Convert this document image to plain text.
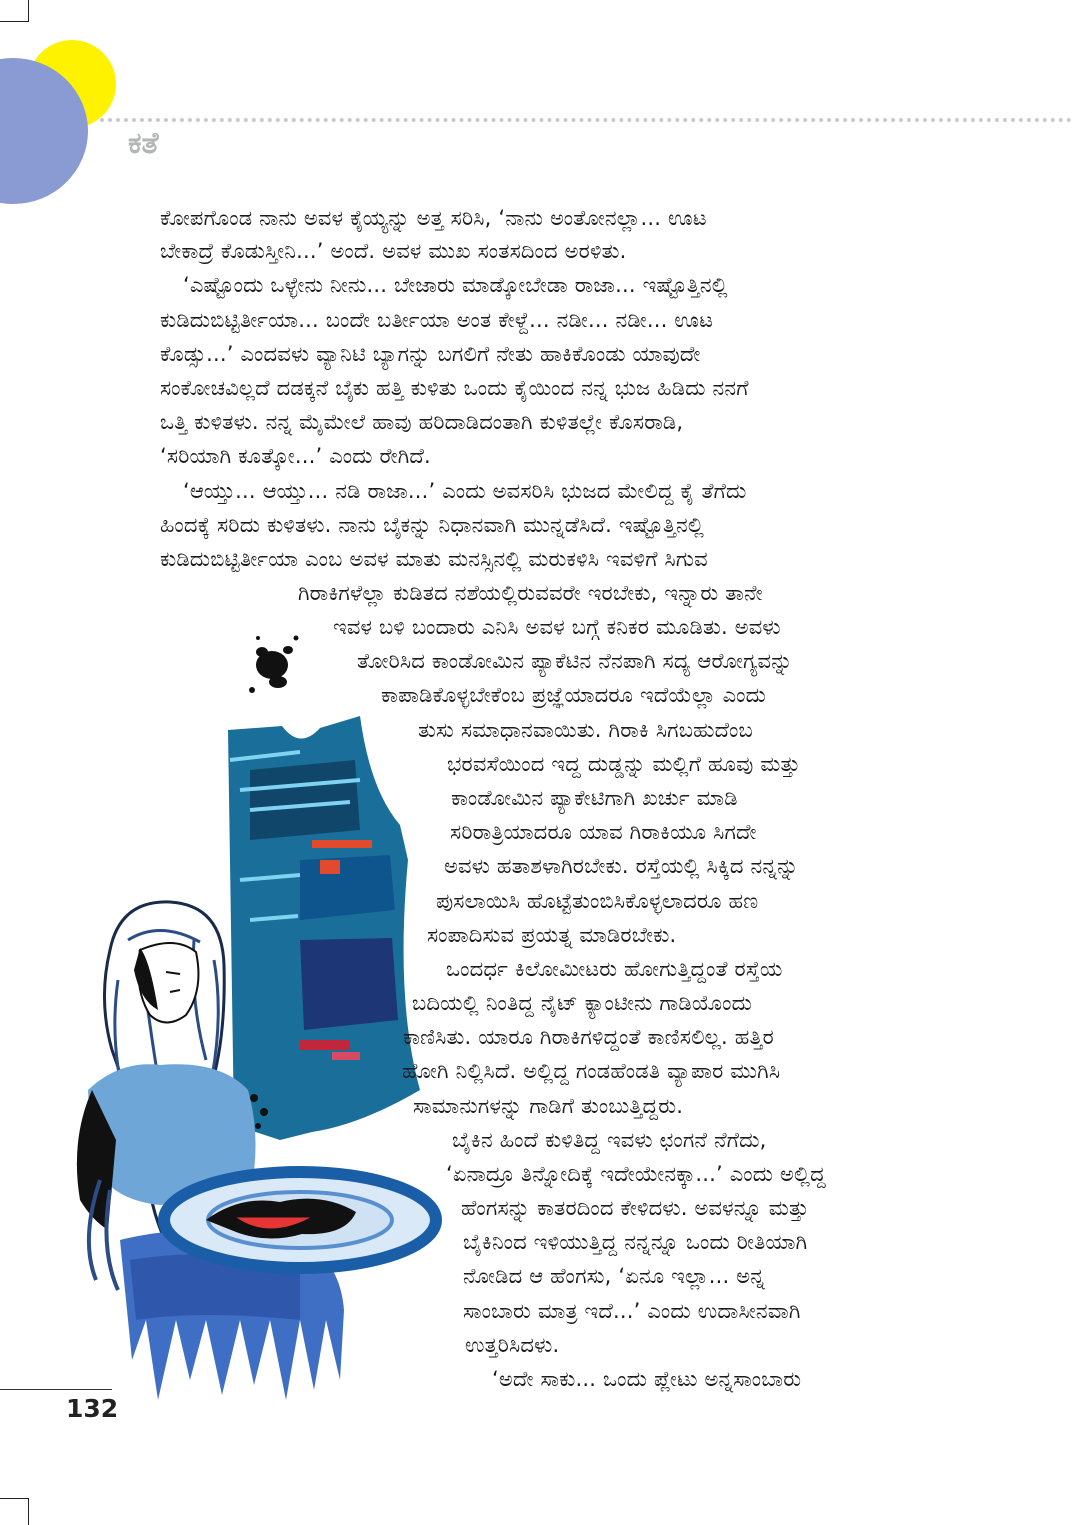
ಕತೆ
ಕೋಪಗೊಂಡ ನಾನು ಅವಳ ಕೈಯ್ಯನ್ನು ಅತ್ತ ಸರಿಸಿ, ‘ನಾನು ಅಂತೋನಲ್ಲಾ... ಊಟ
ಬೇಕಾದ್ರೆ ಕೊಡುಸ್ತೀನಿ...’ ಅಂದೆ. ಅವಳ ಮುಖ ಸಂತಸದಿಂದ ಅರಳಿತು.
‘ಎಷ್ಟೊಂದು ಒಳ್ಳೇನು ನೀನು... ಬೇಜಾರು ಮಾಡ್ಕೋಬೇಡಾ ರಾಜಾ... ಇಷ್ಟೊತ್ತಿನಲ್ಲಿ
ಕುಡಿದುಬಿಟ್ಟಿರ್ತೀಯಾ... ಬಂದೇ ಬರ್ತೀಯಾ ಅಂತ ಕೇಳ್ದೆ... ನಡೀ... ನಡೀ... ಊಟ
ಕೊಡ್ಸು...’ ಎಂದವಳು ವ್ಯಾನಿಟಿ ಬ್ಯಾಗನ್ನು ಬಗಲಿಗೆ ನೇತು ಹಾಕಿಕೊಂಡು ಯಾವುದೇ
ಸಂಕೋಚವಿಲ್ಲದೆ ದಡಕ್ಕನೆ ಬೈಕು ಹತ್ತಿ ಕುಳಿತು ಒಂದು ಕೈಯಿಂದ ನನ್ನ ಭುಜ ಹಿಡಿದು ನನಗೆ
ಒತ್ತಿ ಕುಳಿತಳು. ನನ್ನ ಮೈಮೇಲೆ ಹಾವು ಹರಿದಾಡಿದಂತಾಗಿ ಕುಳಿತಲ್ಲೇ ಕೊಸರಾಡಿ,
‘ಸರಿಯಾಗಿ ಕೂತ್ಕೋ...’ ಎಂದು ರೇಗಿದೆ.
‘ಆಯ್ತು... ಆಯ್ತು... ನಡಿ ರಾಜಾ...’ ಎಂದು ಅವಸರಿಸಿ ಭುಜದ ಮೇಲಿದ್ದ ಕೈ ತೆಗೆದು
ಹಿಂದಕ್ಕೆ ಸರಿದು ಕುಳಿತಳು. ನಾನು ಬೈಕನ್ನು ನಿಧಾನವಾಗಿ ಮುನ್ನಡೆಸಿದೆ. ಇಷ್ಟೊತ್ತಿನಲ್ಲಿ
ಕುಡಿದುಬಿಟ್ಟಿರ್ತೀಯಾ ಎಂಬ ಅವಳ ಮಾತು ಮನಸ್ಸಿನಲ್ಲಿ ಮರುಕಳಿಸಿ ಇವಳಿಗೆ ಸಿಗುವ
ಗಿರಾಕಿಗಳೆಲ್ಲಾ ಕುಡಿತದ ನಶೆಯಲ್ಲಿರುವವರೇ ಇರಬೇಕು, ಇನ್ನಾರು ತಾನೇ
ಇವಳ ಬಳಿ ಬಂದಾರು ಎನಿಸಿ ಅವಳ ಬಗ್ಗೆ ಕನಿಕರ ಮೂಡಿತು. ಅವಳು
ತೋರಿಸಿದ ಕಾಂಡೋಮಿನ ಪ್ಯಾಕೆಟಿನ ನೆನಪಾಗಿ ಸದ್ಯ ಆರೋಗ್ಯವನ್ನು
ಕಾಪಾಡಿಕೊಳ್ಳಬೇಕೆಂಬ ಪ್ರಜ್ಞೆಯಾದರೂ ಇದೆಯೆಲ್ಲಾ ಎಂದು
ತುಸು ಸಮಾಧಾನವಾಯಿತು. ಗಿರಾಕಿ ಸಿಗಬಹುದೆಂಬ
ಭರವಸೆಯಿಂದ ಇದ್ದ ದುಡ್ಡನ್ನು ಮಲ್ಲಿಗೆ ಹೂವು ಮತ್ತು
ಕಾಂಡೋಮಿನ ಪ್ಯಾಕೇಟಿಗಾಗಿ ಖರ್ಚು ಮಾಡಿ
ಸರಿರಾತ್ರಿಯಾದರೂ ಯಾವ ಗಿರಾಕಿಯೂ ಸಿಗದೇ
ಅವಳು ಹತಾಶಳಾಗಿರಬೇಕು. ರಸ್ತೆಯಲ್ಲಿ ಸಿಕ್ಕಿದ ನನ್ನನ್ನು
ಪುಸಲಾಯಿಸಿ ಹೊಟ್ಟೆತುಂಬಿಸಿಕೊಳ್ಳಲಾದರೂ ಹಣ
ಸಂಪಾದಿಸುವ ಪ್ರಯತ್ನ ಮಾಡಿರಬೇಕು.
ಒಂದರ್ಧ ಕಿಲೋಮೀಟರು ಹೋಗುತ್ತಿದ್ದಂತೆ ರಸ್ತೆಯ
ಬದಿಯಲ್ಲಿ ನಿಂತಿದ್ದ ನೈಟ್ ಕ್ಯಾಂಟೀನು ಗಾಡಿಯೊಂದು
ಕಾಣಿಸಿತು. ಯಾರೂ ಗಿರಾಕಿಗಳಿದ್ದಂತೆ ಕಾಣಿಸಲಿಲ್ಲ. ಹತ್ತಿರ
ಹೋಗಿ ನಿಲ್ಲಿಸಿದೆ. ಅಲ್ಲಿದ್ದ ಗಂಡಹೆಂಡತಿ ವ್ಯಾಪಾರ ಮುಗಿಸಿ
ಸಾಮಾನುಗಳನ್ನು ಗಾಡಿಗೆ ತುಂಬುತ್ತಿದ್ದರು.
ಬೈಕಿನ ಹಿಂದೆ ಕುಳಿತಿದ್ದ ಇವಳು ಛಂಗನೆ ನೆಗೆದು,
‘ಏನಾದ್ರೂ ತಿನ್ನೋದಿಕ್ಕೆ ಇದೇಯೇನಕ್ಕಾ...’ ಎಂದು ಅಲ್ಲಿದ್ದ
ಹೆಂಗಸನ್ನು ಕಾತರದಿಂದ ಕೇಳಿದಳು. ಅವಳನ್ನೂ ಮತ್ತು
ಬೈಕಿನಿಂದ ಇಳಿಯುತ್ತಿದ್ದ ನನ್ನನ್ನೂ ಒಂದು ರೀತಿಯಾಗಿ
ನೋಡಿದ ಆ ಹೆಂಗಸು, ‘ಏನೂ ಇಲ್ಲಾ... ಅನ್ನ
ಸಾಂಬಾರು ಮಾತ್ರ ಇದೆ...’ ಎಂದು ಉದಾಸೀನವಾಗಿ
ಉತ್ತರಿಸಿದಳು.
‘ಅದೇ ಸಾಕು... ಒಂದು ಪ್ಲೇಟು ಅನ್ನಸಾಂಬಾರು
132
